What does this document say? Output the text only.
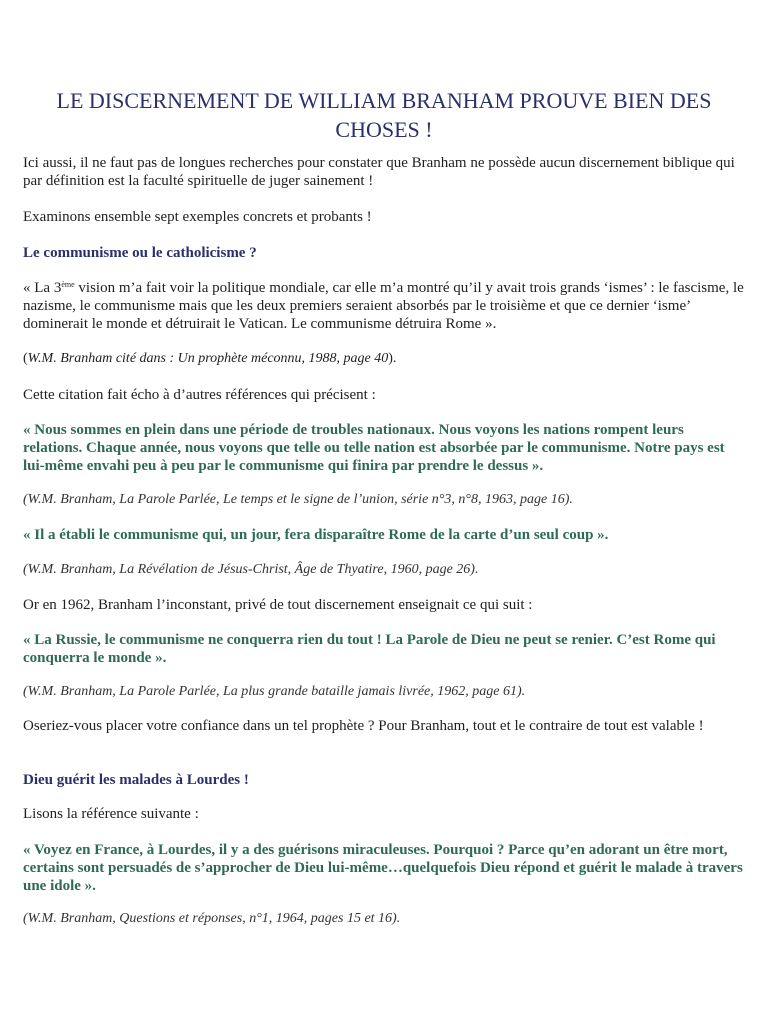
LE DISCERNEMENT DE WILLIAM BRANHAM PROUVE BIEN DES CHOSES !

Ici aussi, il ne faut pas de longues recherches pour constater que Branham ne possède aucun discernement biblique qui par définition est la faculté spirituelle de juger sainement !

Examinons ensemble sept exemples concrets et probants !

Le communisme ou le catholicisme ?

« La 3ème vision m’a fait voir la politique mondiale, car elle m’a montré qu’il y avait trois grands ‘ismes’ : le fascisme, le nazisme, le communisme mais que les deux premiers seraient absorbés par le troisième et que ce dernier ‘isme’ dominerait le monde et détruirait le Vatican. Le communisme détruira Rome ».

(W.M. Branham cité dans : Un prophète méconnu, 1988, page 40).

Cette citation fait écho à d’autres références qui précisent :

« Nous sommes en plein dans une période de troubles nationaux. Nous voyons les nations rompent leurs relations. Chaque année, nous voyons que telle ou telle nation est absorbée par le communisme. Notre pays est lui-même envahi peu à peu par le communisme qui finira par prendre le dessus ».

(W.M. Branham, La Parole Parlée, Le temps et le signe de l’union, série n°3, n°8, 1963, page 16).

« Il a établi le communisme qui, un jour, fera disparaître Rome de la carte d’un seul coup ».

(W.M. Branham, La Révélation de Jésus-Christ, Âge de Thyatire, 1960, page 26).

Or en 1962, Branham l’inconstant, privé de tout discernement enseignait ce qui suit :

« La Russie, le communisme ne conquerra rien du tout ! La Parole de Dieu ne peut se renier. C’est Rome qui conquerra le monde ».

(W.M. Branham, La Parole Parlée, La plus grande bataille jamais livrée, 1962, page 61).

Oseriez-vous placer votre confiance dans un tel prophète ? Pour Branham, tout et le contraire de tout est valable !

Dieu guérit les malades à Lourdes !

Lisons la référence suivante :

« Voyez en France, à Lourdes, il y a des guérisons miraculeuses. Pourquoi ? Parce qu’en adorant un être mort, certains sont persuadés de s’approcher de Dieu lui-même…quelquefois Dieu répond et guérit le malade à travers une idole ».

(W.M. Branham, Questions et réponses, n°1, 1964, pages 15 et 16).
